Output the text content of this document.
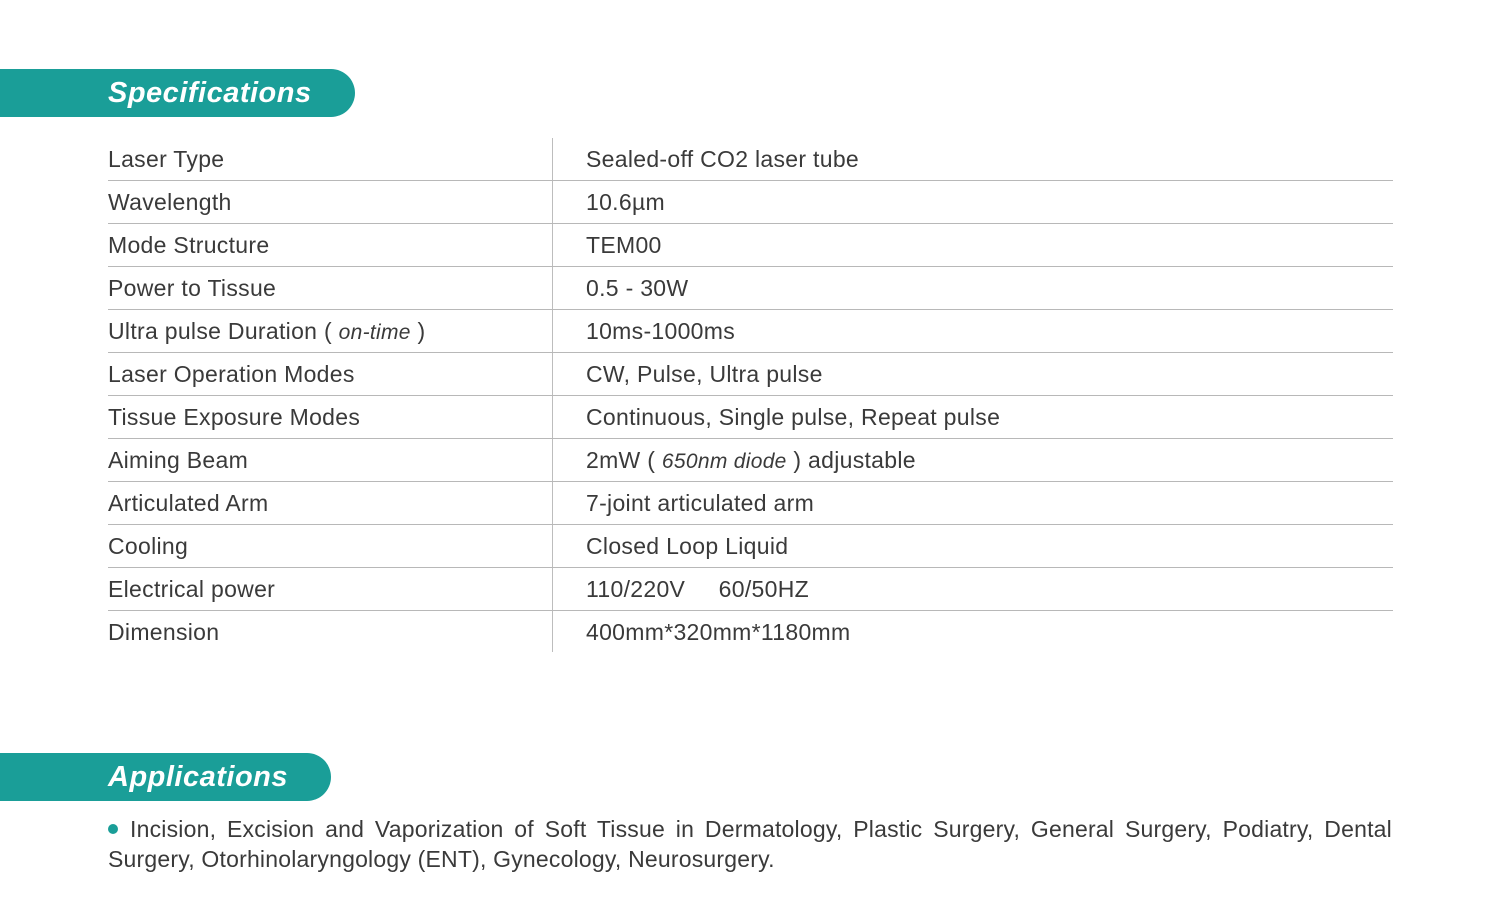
Specifications
Laser Type	Sealed-off CO2 laser tube
Wavelength	10.6µm
Mode Structure	TEM00
Power to Tissue	0.5 - 30W
Ultra pulse Duration ( on-time )	10ms-1000ms
Laser Operation Modes	CW, Pulse, Ultra pulse
Tissue Exposure Modes	Continuous, Single pulse, Repeat pulse
Aiming Beam	2mW ( 650nm diode ) adjustable
Articulated Arm	7-joint articulated arm
Cooling	Closed Loop Liquid
Electrical power	110/220V 60/50HZ
Dimension	400mm*320mm*1180mm
Applications
Incision, Excision and Vaporization of Soft Tissue in Dermatology, Plastic Surgery, General Surgery, Podiatry, Dental Surgery, Otorhinolaryngology (ENT), Gynecology, Neurosurgery.
